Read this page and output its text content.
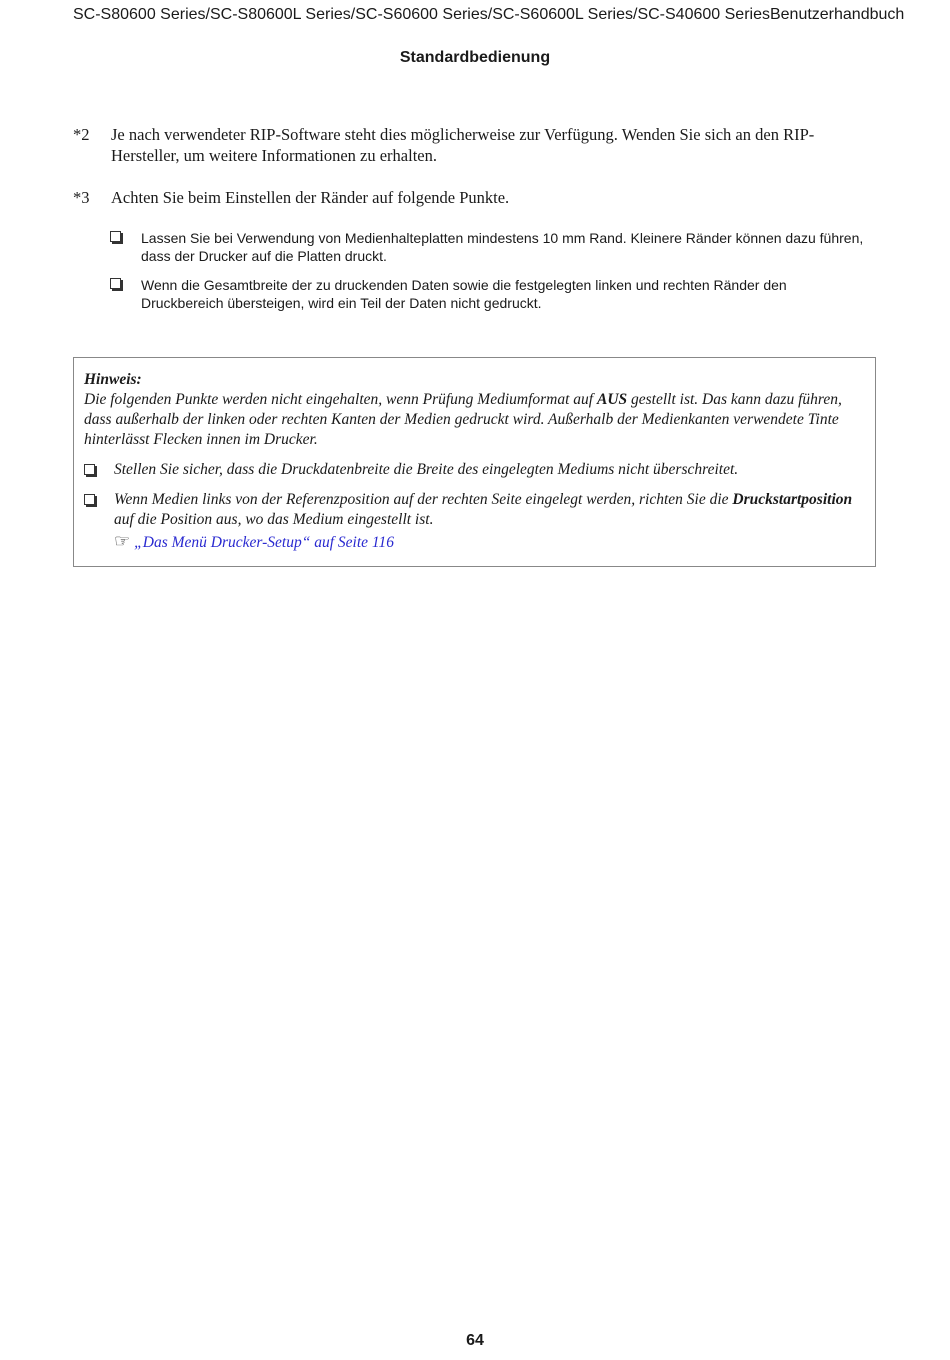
SC-S80600 Series/SC-S80600L Series/SC-S60600 Series/SC-S60600L Series/SC-S40600 Series Benutzerhandbuch
Standardbedienung
*2 Je nach verwendeter RIP-Software steht dies möglicherweise zur Verfügung. Wenden Sie sich an den RIP-Hersteller, um weitere Informationen zu erhalten.
*3 Achten Sie beim Einstellen der Ränder auf folgende Punkte.
Lassen Sie bei Verwendung von Medienhalteplatten mindestens 10 mm Rand. Kleinere Ränder können dazu führen, dass der Drucker auf die Platten druckt.
Wenn die Gesamtbreite der zu druckenden Daten sowie die festgelegten linken und rechten Ränder den Druckbereich übersteigen, wird ein Teil der Daten nicht gedruckt.
Hinweis:
Die folgenden Punkte werden nicht eingehalten, wenn Prüfung Mediumformat auf AUS gestellt ist. Das kann dazu führen, dass außerhalb der linken oder rechten Kanten der Medien gedruckt wird. Außerhalb der Medienkanten verwendete Tinte hinterlässt Flecken innen im Drucker.
Stellen Sie sicher, dass die Druckdatenbreite die Breite des eingelegten Mediums nicht überschreitet.
Wenn Medien links von der Referenzposition auf der rechten Seite eingelegt werden, richten Sie die Druckstartposition auf die Position aus, wo das Medium eingestellt ist.
☞ „Das Menü Drucker-Setup“ auf Seite 116
64
